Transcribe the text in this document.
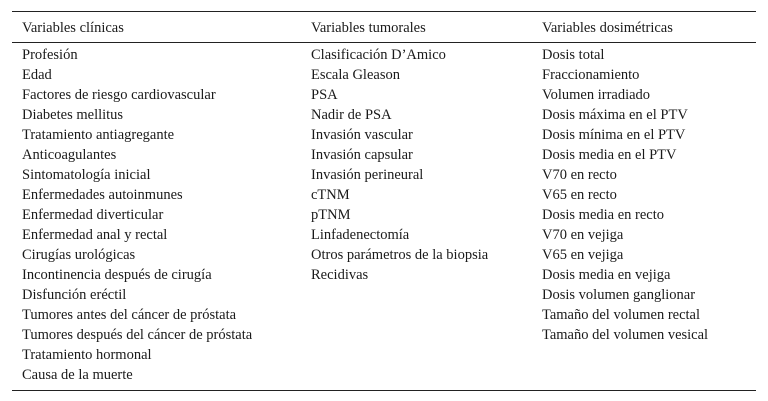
Variables clínicas
Profesión
Edad
Factores de riesgo cardiovascular
Diabetes mellitus
Tratamiento antiagregante
Anticoagulantes
Sintomatología inicial
Enfermedades autoinmunes
Enfermedad diverticular
Enfermedad anal y rectal
Cirugías urológicas
Incontinencia después de cirugía
Disfunción eréctil
Tumores antes del cáncer de próstata
Tumores después del cáncer de próstata
Tratamiento hormonal
Causa de la muerte
Variables tumorales
Clasificación D’Amico
Escala Gleason
PSA
Nadir de PSA
Invasión vascular
Invasión capsular
Invasión perineural
cTNM
pTNM
Linfadenectomía
Otros parámetros de la biopsia
Recidivas
Variables dosimétricas
Dosis total
Fraccionamiento
Volumen irradiado
Dosis máxima en el PTV
Dosis mínima en el PTV
Dosis media en el PTV
V70 en recto
V65 en recto
Dosis media en recto
V70 en vejiga
V65 en vejiga
Dosis media en vejiga
Dosis volumen ganglionar
Tamaño del volumen rectal
Tamaño del volumen vesical
